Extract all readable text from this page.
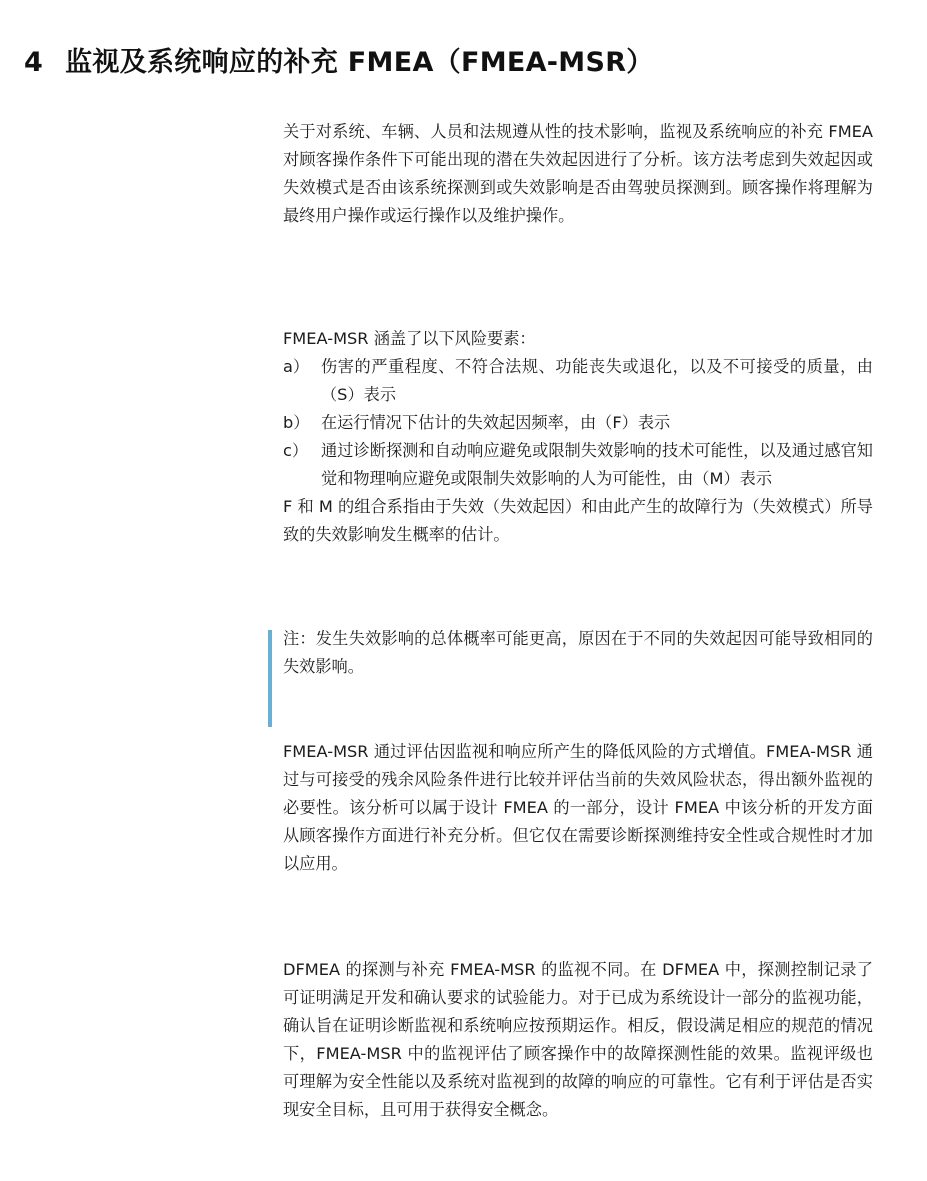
4 监视及系统响应的补充 FMEA（FMEA-MSR）

关于对系统、车辆、人员和法规遵从性的技术影响，监视及系统响应的补充 FMEA 对顾客操作条件下可能出现的潜在失效起因进行了分析。该方法考虑到失效起因或失效模式是否由该系统探测到或失效影响是否由驾驶员探测到。顾客操作将理解为最终用户操作或运行操作以及维护操作。

FMEA-MSR 涵盖了以下风险要素：

a） 伤害的严重程度、不符合法规、功能丧失或退化，以及不可接受的质量，由（S）表示
b） 在运行情况下估计的失效起因频率，由（F）表示
c） 通过诊断探测和自动响应避免或限制失效影响的技术可能性，以及通过感官知觉和物理响应避免或限制失效影响的人为可能性，由（M）表示

F 和 M 的组合系指由于失效（失效起因）和由此产生的故障行为（失效模式）所导致的失效影响发生概率的估计。

注：发生失效影响的总体概率可能更高，原因在于不同的失效起因可能导致相同的失效影响。

FMEA-MSR 通过评估因监视和响应所产生的降低风险的方式增值。FMEA-MSR 通过与可接受的残余风险条件进行比较并评估当前的失效风险状态，得出额外监视的必要性。该分析可以属于设计 FMEA 的一部分，设计 FMEA 中该分析的开发方面从顾客操作方面进行补充分析。但它仅在需要诊断探测维持安全性或合规性时才加以应用。

DFMEA 的探测与补充 FMEA-MSR 的监视不同。在 DFMEA 中，探测控制记录了可证明满足开发和确认要求的试验能力。对于已成为系统设计一部分的监视功能，确认旨在证明诊断监视和系统响应按预期运作。相反，假设满足相应的规范的情况下，FMEA-MSR 中的监视评估了顾客操作中的故障探测性能的效果。监视评级也可理解为安全性能以及系统对监视到的故障的响应的可靠性。它有利于评估是否实现安全目标，且可用于获得安全概念。
